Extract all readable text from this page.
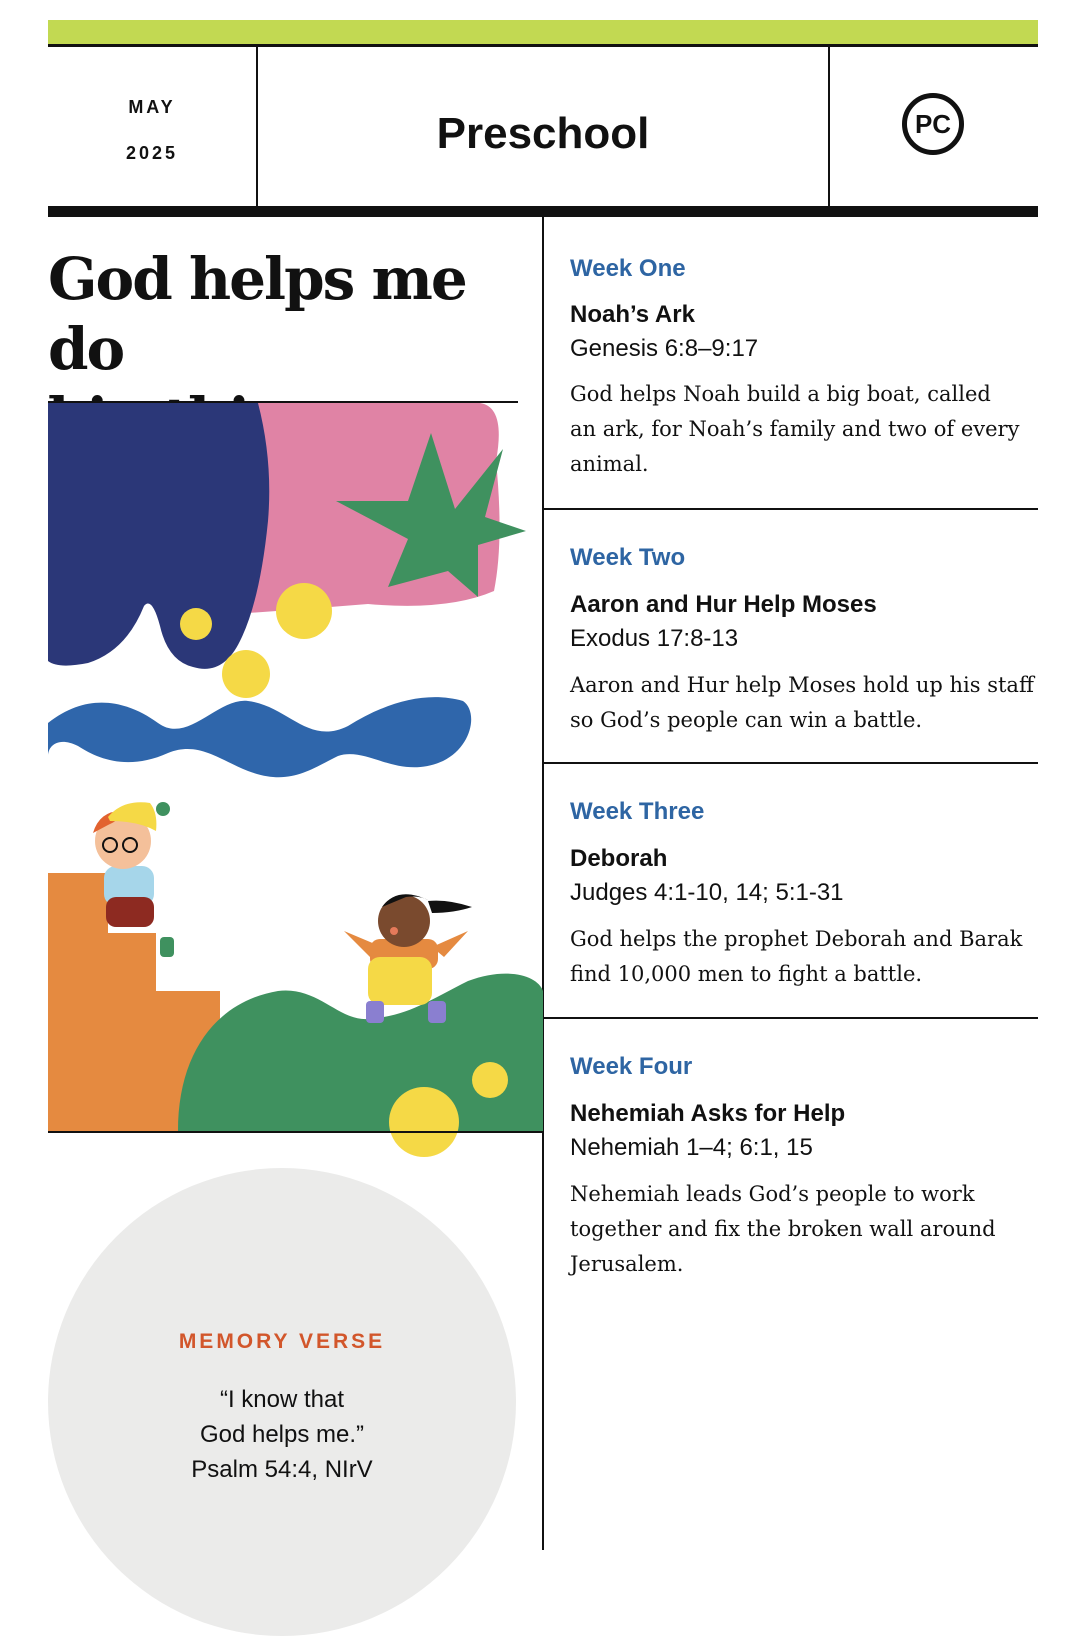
MAY
2025	Preschool	PC
God helps me do

MEMORY VERSE
“I know that
God helps me.”
Psalm 54:4, NIrV
Week One
Noah’s Ark
Genesis 6:8–9:17
God helps Noah build a big boat, called
an ark, for Noah’s family and two of every
animal.
Week Two
Aaron and Hur Help Moses
Exodus 17:8-13
Aaron and Hur help Moses hold up his staff
so God’s people can win a battle.
Week Three
Deborah
Judges 4:1-10, 14; 5:1-31
God helps the prophet Deborah and Barak
find 10,000 men to fight a battle.
Week Four
Nehemiah Asks for Help
Nehemiah 1–4; 6:1, 15
Nehemiah leads God’s people to work
together and fix the broken wall around
Jerusalem.
